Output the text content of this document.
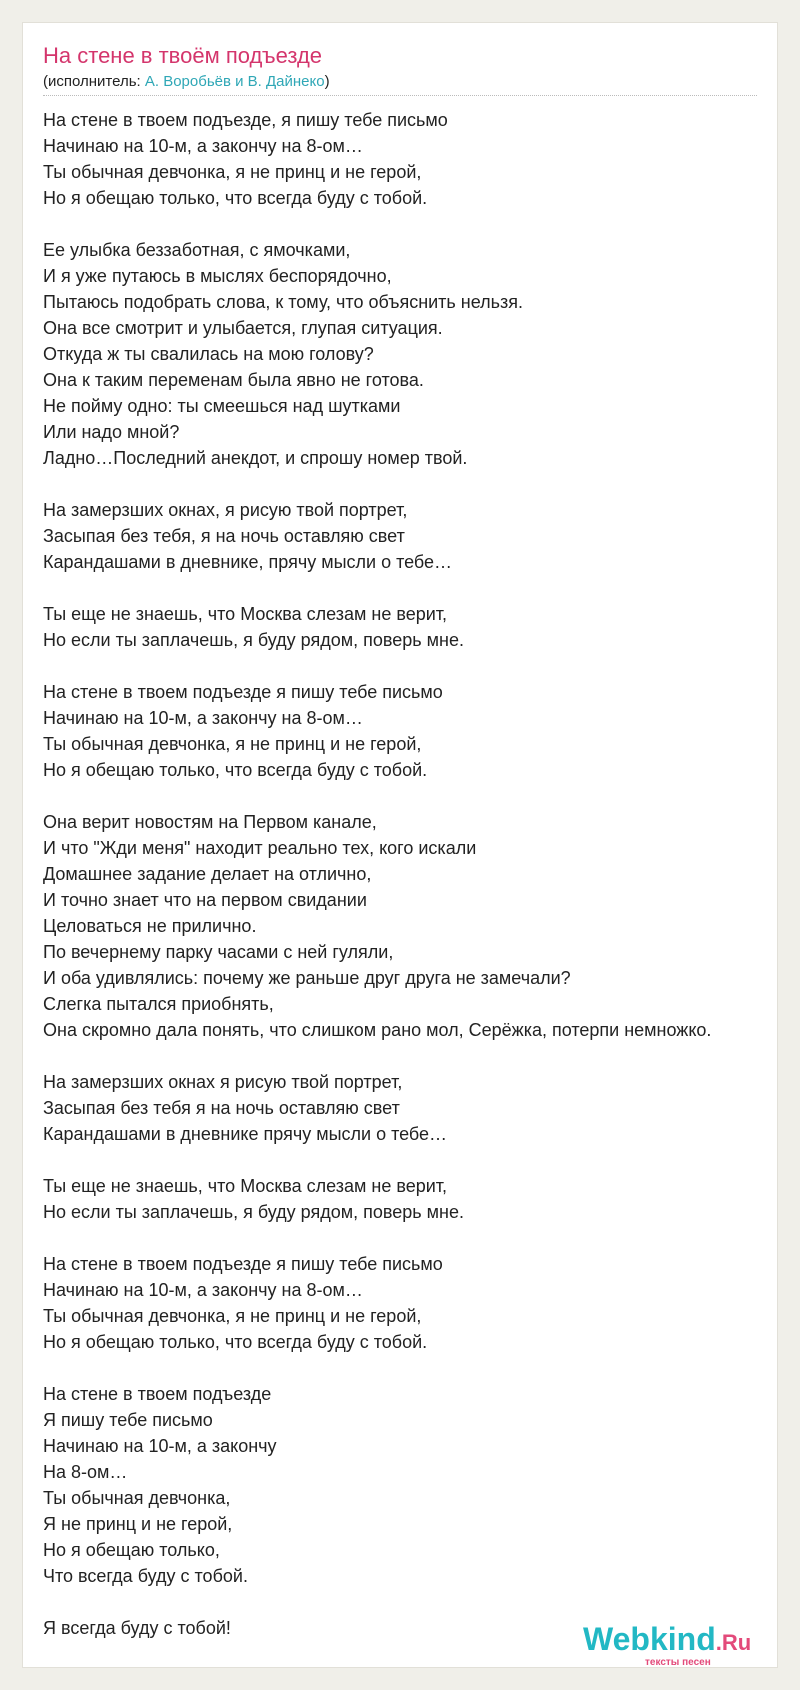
На стене в твоём подъезде
(исполнитель: А. Воробьёв и В. Дайнеко)
На стене в твоем подъезде, я пишу тебе письмо
Начинаю на 10-м, а закончу на 8-ом…
Ты обычная девчонка, я не принц и не герой,
Но я обещаю только, что всегда буду с тобой.
Ее улыбка беззаботная, с ямочками,
И я уже путаюсь в мыслях беспорядочно,
Пытаюсь подобрать слова, к тому, что объяснить нельзя.
Она все смотрит и улыбается, глупая ситуация.
Откуда ж ты свалилась на мою голову?
Она к таким переменам была явно не готова.
Не пойму одно: ты смеешься над шутками
Или надо мной?
Ладно…Последний анекдот, и спрошу номер твой.
На замерзших окнах, я рисую твой портрет,
Засыпая без тебя, я на ночь оставляю свет
Карандашами в дневнике, прячу мысли о тебе…
Ты еще не знаешь, что Москва слезам не верит,
Но если ты заплачешь, я буду рядом, поверь мне.
На стене в твоем подъезде я пишу тебе письмо
Начинаю на 10-м, а закончу на 8-ом…
Ты обычная девчонка, я не принц и не герой,
Но я обещаю только, что всегда буду с тобой.
Она верит новостям на Первом канале,
И что "Жди меня" находит реально тех, кого искали
Домашнее задание делает на отлично,
И точно знает что на первом свидании
Целоваться не прилично.
По вечернему парку часами с ней гуляли,
И оба удивлялись: почему же раньше друг друга не замечали?
Слегка пытался приобнять,
Она скромно дала понять, что слишком рано мол, Серёжка, потерпи немножко.
На замерзших окнах я рисую твой портрет,
Засыпая без тебя я на ночь оставляю свет
Карандашами в дневнике прячу мысли о тебе…
Ты еще не знаешь, что Москва слезам не верит,
Но если ты заплачешь, я буду рядом, поверь мне.
На стене в твоем подъезде я пишу тебе письмо
Начинаю на 10-м, а закончу на 8-ом…
Ты обычная девчонка, я не принц и не герой,
Но я обещаю только, что всегда буду с тобой.
На стене в твоем подъезде
Я пишу тебе письмо
Начинаю на 10-м, а закончу
На 8-ом…
Ты обычная девчонка,
Я не принц и не герой,
Но я обещаю только,
Что всегда буду с тобой.
Я всегда буду с тобой!	Webkind.Ru
тексты песен
